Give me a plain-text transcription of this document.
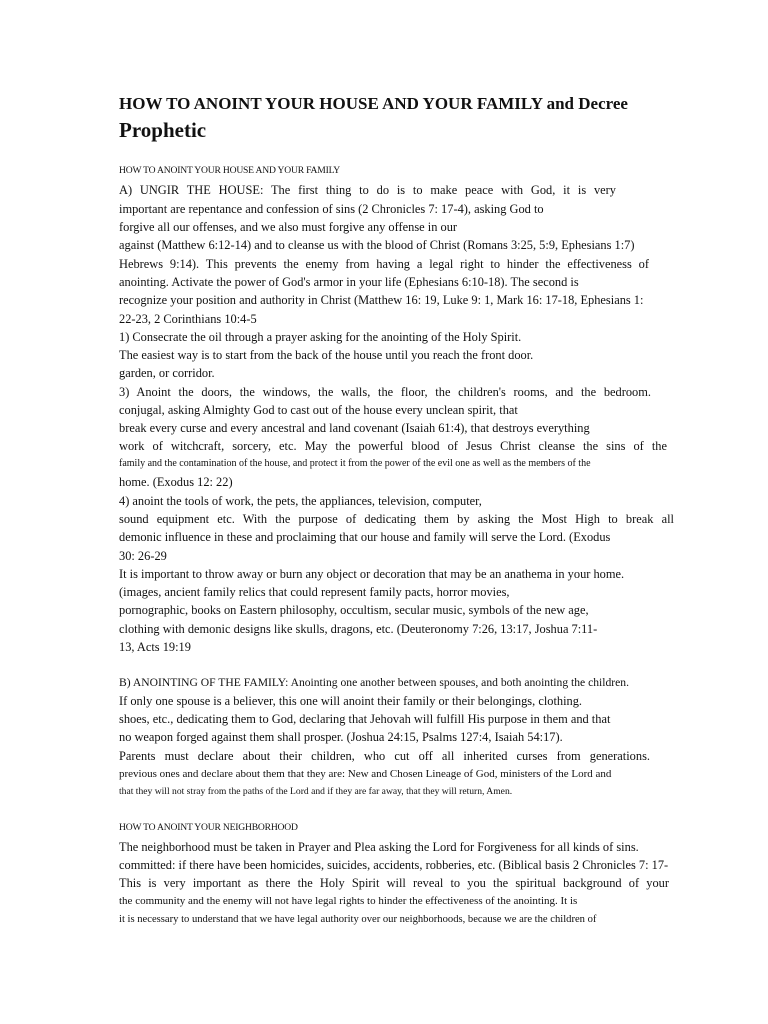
HOW TO ANOINT YOUR HOUSE AND YOUR FAMILY and Decree
Prophetic

HOW TO ANOINT YOUR HOUSE AND YOUR FAMILY

A) UNGIR THE HOUSE: The first thing to do is to make peace with God, it is very

important are repentance and confession of sins (2 Chronicles 7: 17-4), asking God to

forgive all our offenses, and we also must forgive any offense in our

against (Matthew 6:12-14) and to cleanse us with the blood of Christ (Romans 3:25, 5:9, Ephesians 1:7)

Hebrews 9:14). This prevents the enemy from having a legal right to hinder the effectiveness of

anointing. Activate the power of God's armor in your life (Ephesians 6:10-18). The second is

recognize your position and authority in Christ (Matthew 16: 19, Luke 9: 1, Mark 16: 17-18, Ephesians 1:

22-23, 2 Corinthians 10:4-5

1) Consecrate the oil through a prayer asking for the anointing of the Holy Spirit.

The easiest way is to start from the back of the house until you reach the front door.

garden, or corridor.

3) Anoint the doors, the windows, the walls, the floor, the children's rooms, and the bedroom.

conjugal, asking Almighty God to cast out of the house every unclean spirit, that

break every curse and every ancestral and land covenant (Isaiah 61:4), that destroys everything

work of witchcraft, sorcery, etc. May the powerful blood of Jesus Christ cleanse the sins of the

family and the contamination of the house, and protect it from the power of the evil one as well as the members of the

home. (Exodus 12: 22)

4) anoint the tools of work, the pets, the appliances, television, computer,

sound equipment etc. With the purpose of dedicating them by asking the Most High to break all

demonic influence in these and proclaiming that our house and family will serve the Lord. (Exodus

30: 26-29

It is important to throw away or burn any object or decoration that may be an anathema in your home.

(images, ancient family relics that could represent family pacts, horror movies,

pornographic, books on Eastern philosophy, occultism, secular music, symbols of the new age,

clothing with demonic designs like skulls, dragons, etc. (Deuteronomy 7:26, 13:17, Joshua 7:11-

13, Acts 19:19

B) ANOINTING OF THE FAMILY: Anointing one another between spouses, and both anointing the children.

If only one spouse is a believer, this one will anoint their family or their belongings, clothing.

shoes, etc., dedicating them to God, declaring that Jehovah will fulfill His purpose in them and that

no weapon forged against them shall prosper. (Joshua 24:15, Psalms 127:4, Isaiah 54:17).

Parents must declare about their children, who cut off all inherited curses from generations.

previous ones and declare about them that they are: New and Chosen Lineage of God, ministers of the Lord and

that they will not stray from the paths of the Lord and if they are far away, that they will return, Amen.

HOW TO ANOINT YOUR NEIGHBORHOOD

The neighborhood must be taken in Prayer and Plea asking the Lord for Forgiveness for all kinds of sins.

committed: if there have been homicides, suicides, accidents, robberies, etc. (Biblical basis 2 Chronicles 7: 17-

This is very important as there the Holy Spirit will reveal to you the spiritual background of your

the community and the enemy will not have legal rights to hinder the effectiveness of the anointing. It is

it is necessary to understand that we have legal authority over our neighborhoods, because we are the children of
